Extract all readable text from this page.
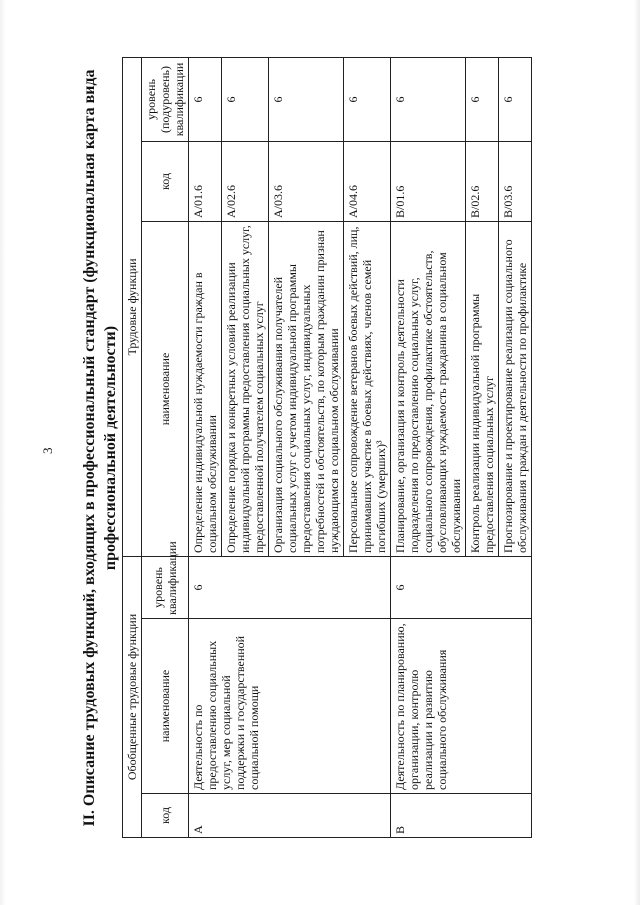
3 II. Описание трудовых функций, входящих в профессиональный стандарт (функциональная карта вида профессиональной деятельности)
Обобщенные трудовые функции			Трудовые функции		
код	наименование	уровень квалификации	наименование	код	уровень (подуровень) квалификации
A	Деятельность по предоставлению социальных услуг, мер социальной поддержки и государственной социальной помощи	6	Определение индивидуальной нуждаемости граждан в социальном обслуживании	A/01.6	6
			Определение порядка и конкретных условий реализации индивидуальной программы предоставления социальных услуг, предоставленной получателем социальных услуг	A/02.6	6
			Организация социального обслуживания получателей социальных услуг с учетом индивидуальной программы предоставления социальных услуг, индивидуальных потребностей и обстоятельств, по которым гражданин признан нуждающимся в социальном обслуживании	A/03.6	6
			Персональное сопровождение ветеранов боевых действий, лиц, принимавших участие в боевых действиях, членов семей погибших (умерших)³	A/04.6	6
B	Деятельность по планированию, организации, контролю реализации и развитию социального обслуживания	6	Планирование, организация и контроль деятельности подразделения по предоставлению социальных услуг, социального сопровождения, профилактике обстоятельств, обусловливающих нуждаемость гражданина в социальном обслуживании	B/01.6	6
			Контроль реализации индивидуальной программы предоставления социальных услуг	B/02.6	6
			Прогнозирование и проектирование реализации социального обслуживания граждан и деятельности по профилактике	B/03.6	6
